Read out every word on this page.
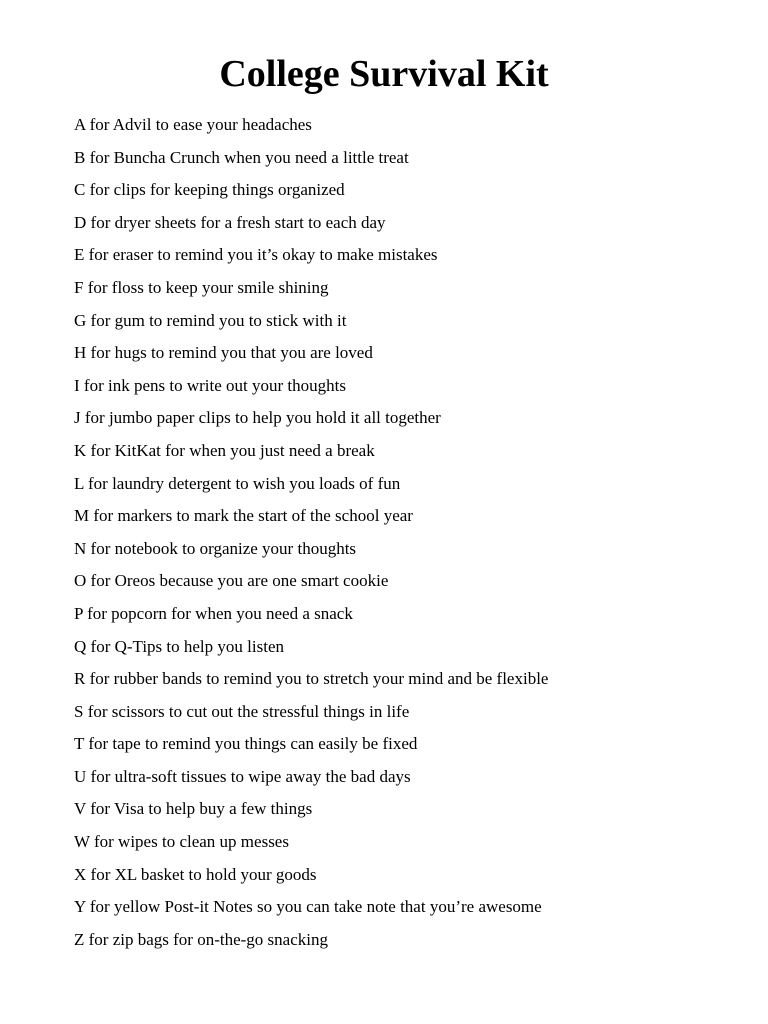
College Survival Kit
A for Advil to ease your headaches
B for Buncha Crunch when you need a little treat
C for clips for keeping things organized
D for dryer sheets for a fresh start to each day
E for eraser to remind you it’s okay to make mistakes
F for floss to keep your smile shining
G for gum to remind you to stick with it
H for hugs to remind you that you are loved
I for ink pens to write out your thoughts
J for jumbo paper clips to help you hold it all together
K for KitKat for when you just need a break
L for laundry detergent to wish you loads of fun
M for markers to mark the start of the school year
N for notebook to organize your thoughts
O for Oreos because you are one smart cookie
P for popcorn for when you need a snack
Q for Q-Tips to help you listen
R for rubber bands to remind you to stretch your mind and be flexible
S for scissors to cut out the stressful things in life
T for tape to remind you things can easily be fixed
U for ultra-soft tissues to wipe away the bad days
V for Visa to help buy a few things
W for wipes to clean up messes
X for XL basket to hold your goods
Y for yellow Post-it Notes so you can take note that you’re awesome
Z for zip bags for on-the-go snacking
